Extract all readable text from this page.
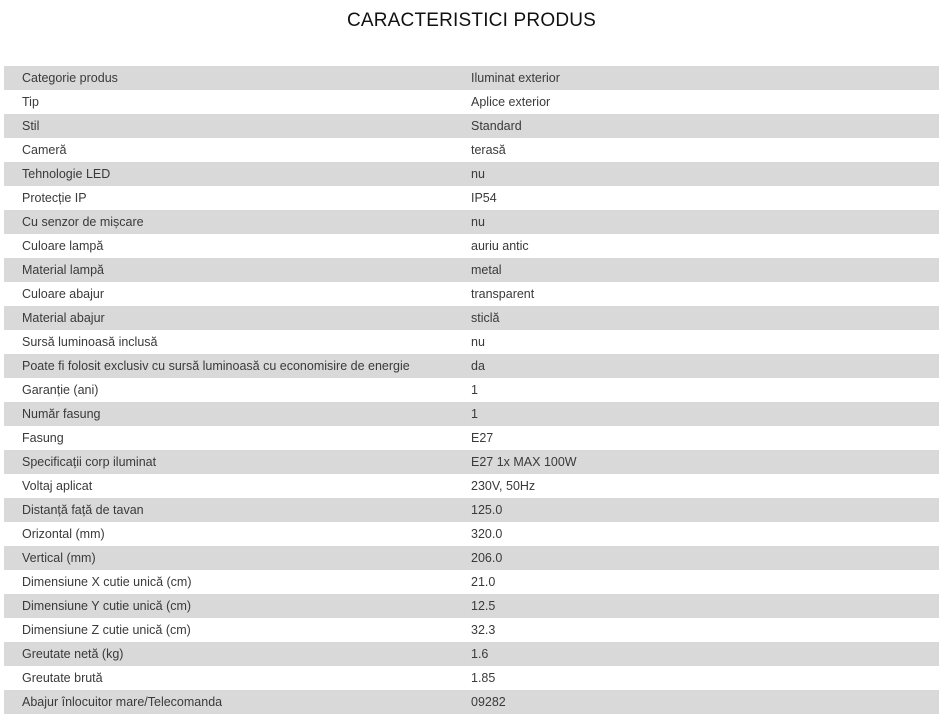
CARACTERISTICI PRODUS
Categorie produs	Iluminat exterior
Tip	Aplice exterior
Stil	Standard
Cameră	terasă
Tehnologie LED	nu
Protecție IP	IP54
Cu senzor de mișcare	nu
Culoare lampă	auriu antic
Material lampă	metal
Culoare abajur	transparent
Material abajur	sticlă
Sursă luminoasă inclusă	nu
Poate fi folosit exclusiv cu sursă luminoasă cu economisire de energie	da
Garanție (ani)	1
Număr fasung	1
Fasung	E27
Specificații corp iluminat	E27 1x MAX 100W
Voltaj aplicat	230V, 50Hz
Distanță față de tavan	125.0
Orizontal (mm)	320.0
Vertical (mm)	206.0
Dimensiune X cutie unică (cm)	21.0
Dimensiune Y cutie unică (cm)	12.5
Dimensiune Z cutie unică (cm)	32.3
Greutate netă (kg)	1.6
Greutate brută	1.85
Abajur înlocuitor mare/Telecomanda	09282
